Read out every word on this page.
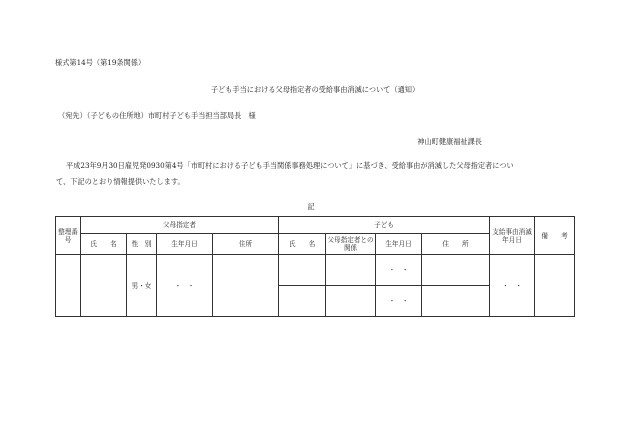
様式第14号（第19条関係）
子ども手当における父母指定者の受給事由消滅について（通知）
（宛先）（子どもの住所地）市町村子ども手当担当部局長　様
神山町健康福祉課長
平成23年9月30日雇児発0930第4号「市町村における子ども手当関係事務処理について」に基づき、受給事由が消滅した父母指定者につい
て、下記のとおり情報提供いたします。
記
整理番号	父母指定者				子ども				支給事由消滅年月日	備　　考
	氏　　名	性　別	生年月日	住所	氏　　名	父母指定者との関係	生年月日	住　　所		
		男・女	・　・				・　・		・　・	
							・　・			
